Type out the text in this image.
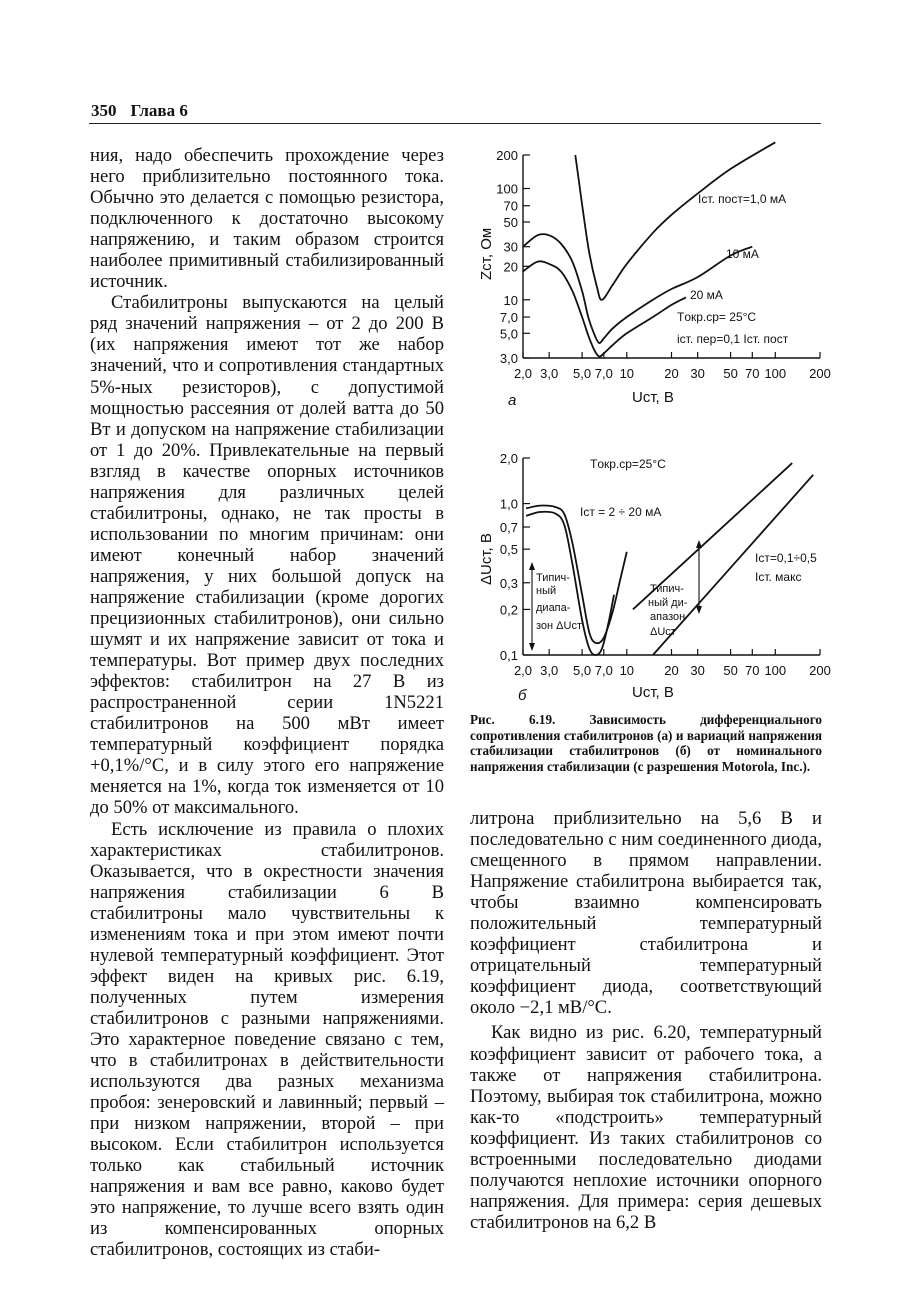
350 Глава 6

ния, надо обеспечить прохождение через него приблизительно постоянного тока. Обычно это делается с помощью резистора, подключенного к достаточно высокому напряжению, и таким образом строится наиболее примитивный стабилизированный источник.

Стабилитроны выпускаются на целый ряд значений напряжения – от 2 до 200 В (их напряжения имеют тот же набор значений, что и сопротивления стандартных 5%-ных резисторов), с допустимой мощностью рассеяния от долей ватта до 50 Вт и допуском на напряжение стабилизации от 1 до 20%. Привлекательные на первый взгляд в качестве опорных источников напряжения для различных целей стабилитроны, однако, не так просты в использовании по многим причинам: они имеют конечный набор значений напряжения, у них большой допуск на напряжение стабилизации (кроме дорогих прецизионных стабилитронов), они сильно шумят и их напряжение зависит от тока и температуры. Вот пример двух последних эффектов: стабилитрон на 27 В из распространенной серии 1N5221 стабилитронов на 500 мВт имеет температурный коэффициент порядка +0,1%/°C, и в силу этого его напряжение меняется на 1%, когда ток изменяется от 10 до 50% от максимального.

Есть исключение из правила о плохих характеристиках стабилитронов. Оказывается, что в окрестности значения напряжения стабилизации 6 В стабилитроны мало чувствительны к изменениям тока и при этом имеют почти нулевой температурный коэффициент. Этот эффект виден на кривых рис. 6.19, полученных путем измерения стабилитронов с разными напряжениями. Это характерное поведение связано с тем, что в стабилитронах в действительности используются два разных механизма пробоя: зенеровский и лавинный; первый – при низком напряжении, второй – при высоком. Если стабилитрон используется только как стабильный источник напряжения и вам все равно, каково будет это напряжение, то лучше всего взять один из компенсированных опорных стабилитронов, состоящих из стаби-

2,0 3,0 5,0 7,0 10 20 30 50 70 100 200
3,0
5,0
7,0
10
20
30
50
70
100
200
Iст. пост=1,0 мА
10 мА
20 мА
Tокр.ср= 25°C
iст. пер=0,1 Iст. пост
Uст, В
Zст, Ом
а
2,0 3,0 5,0 7,0 10 20 30 50 70 100 200
0,1
0,2
0,3
0,5
0,7
1,0
2,0	Tокр.ср=25°C
Iст = 2 ÷ 20 мА
Iст=0,1÷0,5
Iст. макс
Типич-
ный
диапа-
зон ΔUст
Типич-
ный ди-
апазон
ΔUст
Uст, В
ΔUст, В
б
Рис. 6.19. Зависимость дифференциального сопротивления стабилитронов (а) и вариаций напряжения стабилизации стабилитронов (б) от номинального напряжения стабилизации (с разрешения Motorola, Inc.).

литрона приблизительно на 5,6 В и последовательно с ним соединенного диода, смещенного в прямом направлении. Напряжение стабилитрона выбирается так, чтобы взаимно компенсировать положительный температурный коэффициент стабилитрона и отрицательный температурный коэффициент диода, соответствующий около −2,1 мВ/°C.

Как видно из рис. 6.20, температурный коэффициент зависит от рабочего тока, а также от напряжения стабилитрона. Поэтому, выбирая ток стабилитрона, можно как-то «подстроить» температурный коэффициент. Из таких стабилитронов со встроенными последовательно диодами получаются неплохие источники опорного напряжения. Для примера: серия дешевых стабилитронов на 6,2 В
